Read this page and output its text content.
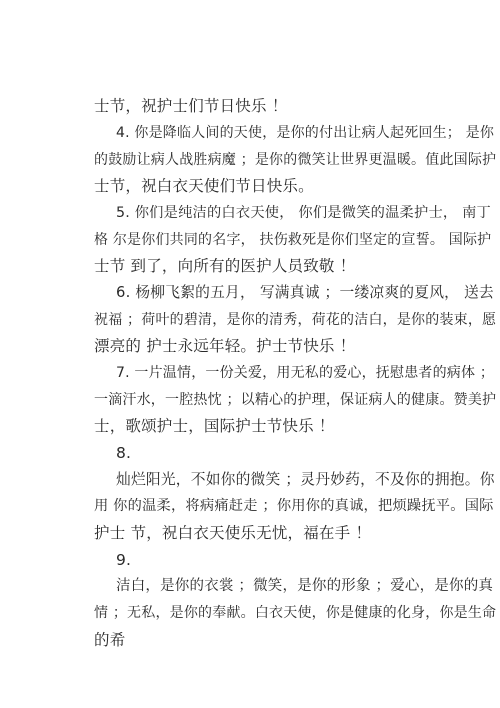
士节，祝护士们节日快乐 ！
4. 你是降临人间的天使，是你的付出让病人起死回生； 是你
的鼓励让病人战胜病魔 ；是你的微笑让世界更温暖。值此国际护
士节，祝白衣天使们节日快乐。
5. 你们是纯洁的白衣天使， 你们是微笑的温柔护士， 南丁
格 尔是你们共同的名字， 扶伤救死是你们坚定的宣誓。 国际护
士节 到了，向所有的医护人员致敬 ！
6. 杨柳飞絮的五月， 写满真诚 ；一缕凉爽的夏风， 送去
祝福 ；荷叶的碧清，是你的清秀，荷花的洁白，是你的装束，愿
漂亮的 护士永远年轻。护士节快乐 ！
7. 一片温情，一份关爱，用无私的爱心，抚慰患者的病体 ；
一滴汗水，一腔热忱 ；以精心的护理，保证病人的健康。赞美护
士，歌颂护士，国际护士节快乐 ！
8.
灿烂阳光，不如你的微笑 ；灵丹妙药，不及你的拥抱。你
用 你的温柔，将病痛赶走 ；你用你的真诚，把烦躁抚平。国际
护士 节，祝白衣天使乐无忧，福在手 ！
9.
洁白，是你的衣裳 ；微笑，是你的形象 ；爱心，是你的真
情 ；无私，是你的奉献。白衣天使，你是健康的化身，你是生命
的希
